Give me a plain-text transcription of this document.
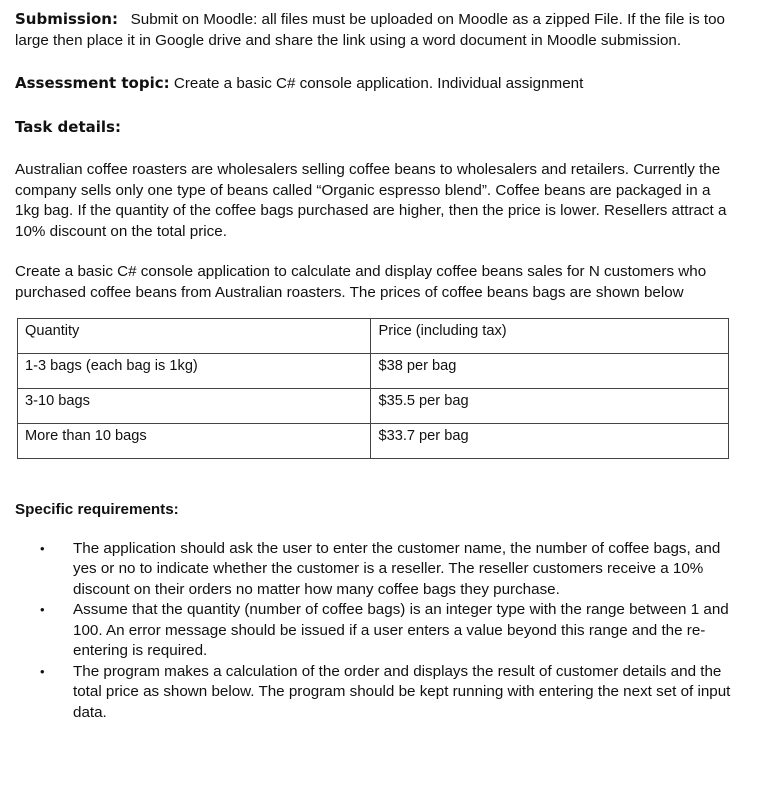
Submission: Submit on Moodle: all files must be uploaded on Moodle as a zipped File. If the file is too large then place it in Google drive and share the link using a word document in Moodle submission.

Assessment topic: Create a basic C# console application. Individual assignment

Task details:

Australian coffee roasters are wholesalers selling coffee beans to wholesalers and retailers. Currently the company sells only one type of beans called “Organic espresso blend”. Coffee beans are packaged in a 1kg bag. If the quantity of the coffee bags purchased are higher, then the price is lower. Resellers attract a 10% discount on the total price.

Create a basic C# console application to calculate and display coffee beans sales for N customers who purchased coffee beans from Australian roasters. The prices of coffee beans bags are shown below

Quantity	Price (including tax)
1-3 bags (each bag is 1kg)	$38 per bag
3-10 bags	$35.5 per bag
More than 10 bags	$33.7 per bag

Specific requirements:

• The application should ask the user to enter the customer name, the number of coffee bags, and yes or no to indicate whether the customer is a reseller. The reseller customers receive a 10% discount on their orders no matter how many coffee bags they purchase.
• Assume that the quantity (number of coffee bags) is an integer type with the range between 1 and 100. An error message should be issued if a user enters a value beyond this range and the re-entering is required.
• The program makes a calculation of the order and displays the result of customer details and the total price as shown below. The program should be kept running with entering the next set of input data.
